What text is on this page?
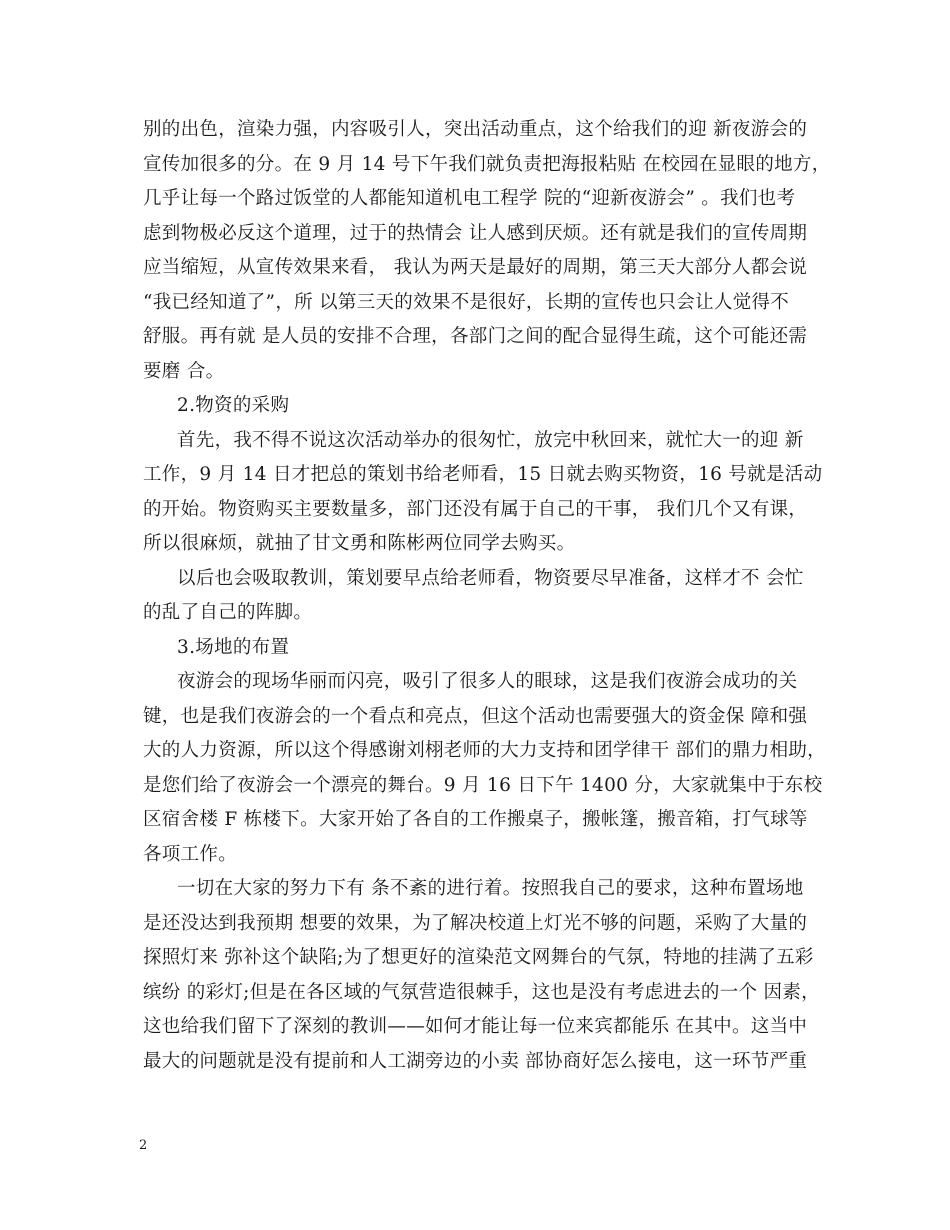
别的出色，渲染力强，内容吸引人，突出活动重点，这个给我们的迎 新夜游会的
宣传加很多的分。在 9 月 14 号下午我们就负责把海报粘贴 在校园在显眼的地方，
几乎让每一个路过饭堂的人都能知道机电工程学 院的“迎新夜游会” 。我们也考
虑到物极必反这个道理，过于的热情会 让人感到厌烦。还有就是我们的宣传周期
应当缩短，从宣传效果来看， 我认为两天是最好的周期，第三天大部分人都会说
“我已经知道了”，所 以第三天的效果不是很好，长期的宣传也只会让人觉得不
舒服。再有就 是人员的安排不合理，各部门之间的配合显得生疏，这个可能还需
要磨 合。
2.物资的采购
首先，我不得不说这次活动举办的很匆忙，放完中秋回来，就忙大一的迎 新
工作，9 月 14 日才把总的策划书给老师看，15 日就去购买物资，16 号就是活动
的开始。物资购买主要数量多，部门还没有属于自己的干事， 我们几个又有课，
所以很麻烦，就抽了甘文勇和陈彬两位同学去购买。
以后也会吸取教训，策划要早点给老师看，物资要尽早准备，这样才不 会忙
的乱了自己的阵脚。
3.场地的布置
夜游会的现场华丽而闪亮，吸引了很多人的眼球，这是我们夜游会成功的关
键，也是我们夜游会的一个看点和亮点，但这个活动也需要强大的资金保 障和强
大的人力资源，所以这个得感谢刘栩老师的大力支持和团学律干 部们的鼎力相助，
是您们给了夜游会一个漂亮的舞台。9 月 16 日下午 1400 分，大家就集中于东校
区宿舍楼 F 栋楼下。大家开始了各自的工作搬桌子，搬帐篷，搬音箱，打气球等
各项工作。
一切在大家的努力下有 条不紊的进行着。按照我自己的要求，这种布置场地
是还没达到我预期 想要的效果，为了解决校道上灯光不够的问题，采购了大量的
探照灯来 弥补这个缺陷;为了想更好的渲染范文网舞台的气氛，特地的挂满了五彩
缤纷 的彩灯;但是在各区域的气氛营造很棘手，这也是没有考虑进去的一个 因素，
这也给我们留下了深刻的教训——如何才能让每一位来宾都能乐 在其中。这当中
最大的问题就是没有提前和人工湖旁边的小卖 部协商好怎么接电，这一环节严重
2
